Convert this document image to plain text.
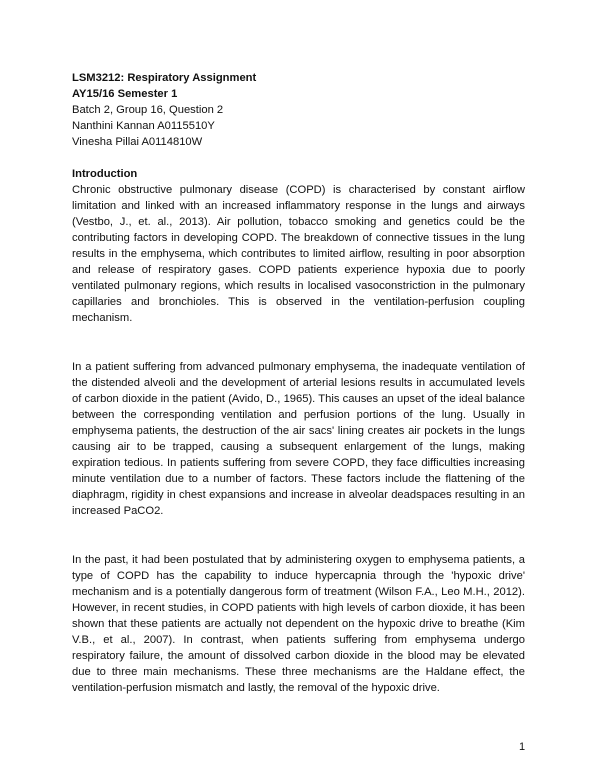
LSM3212: Respiratory Assignment
AY15/16 Semester 1
Batch 2, Group 16, Question 2
Nanthini Kannan A0115510Y
Vinesha Pillai A0114810W
Introduction

Chronic obstructive pulmonary disease (COPD) is characterised by constant airflow limitation and linked with an increased inflammatory response in the lungs and airways (Vestbo, J., et. al., 2013). Air pollution, tobacco smoking and genetics could be the contributing factors in developing COPD. The breakdown of connective tissues in the lung results in the emphysema, which contributes to limited airflow, resulting in poor absorption and release of respiratory gases. COPD patients experience hypoxia due to poorly ventilated pulmonary regions, which results in localised vasoconstriction in the pulmonary capillaries and bronchioles. This is observed in the ventilation-perfusion coupling mechanism.

In a patient suffering from advanced pulmonary emphysema, the inadequate ventilation of the distended alveoli and the development of arterial lesions results in accumulated levels of carbon dioxide in the patient (Avido, D., 1965). This causes an upset of the ideal balance between the corresponding ventilation and perfusion portions of the lung. Usually in emphysema patients, the destruction of the air sacs' lining creates air pockets in the lungs causing air to be trapped, causing a subsequent enlargement of the lungs, making expiration tedious. In patients suffering from severe COPD, they face difficulties increasing minute ventilation due to a number of factors. These factors include the flattening of the diaphragm, rigidity in chest expansions and increase in alveolar deadspaces resulting in an increased PaCO2.

In the past, it had been postulated that by administering oxygen to emphysema patients, a type of COPD has the capability to induce hypercapnia through the 'hypoxic drive' mechanism and is a potentially dangerous form of treatment (Wilson F.A., Leo M.H., 2012). However, in recent studies, in COPD patients with high levels of carbon dioxide, it has been shown that these patients are actually not dependent on the hypoxic drive to breathe (Kim V.B., et al., 2007). In contrast, when patients suffering from emphysema undergo respiratory failure, the amount of dissolved carbon dioxide in the blood may be elevated due to three main mechanisms. These three mechanisms are the Haldane effect, the ventilation-perfusion mismatch and lastly, the removal of the hypoxic drive.

1
